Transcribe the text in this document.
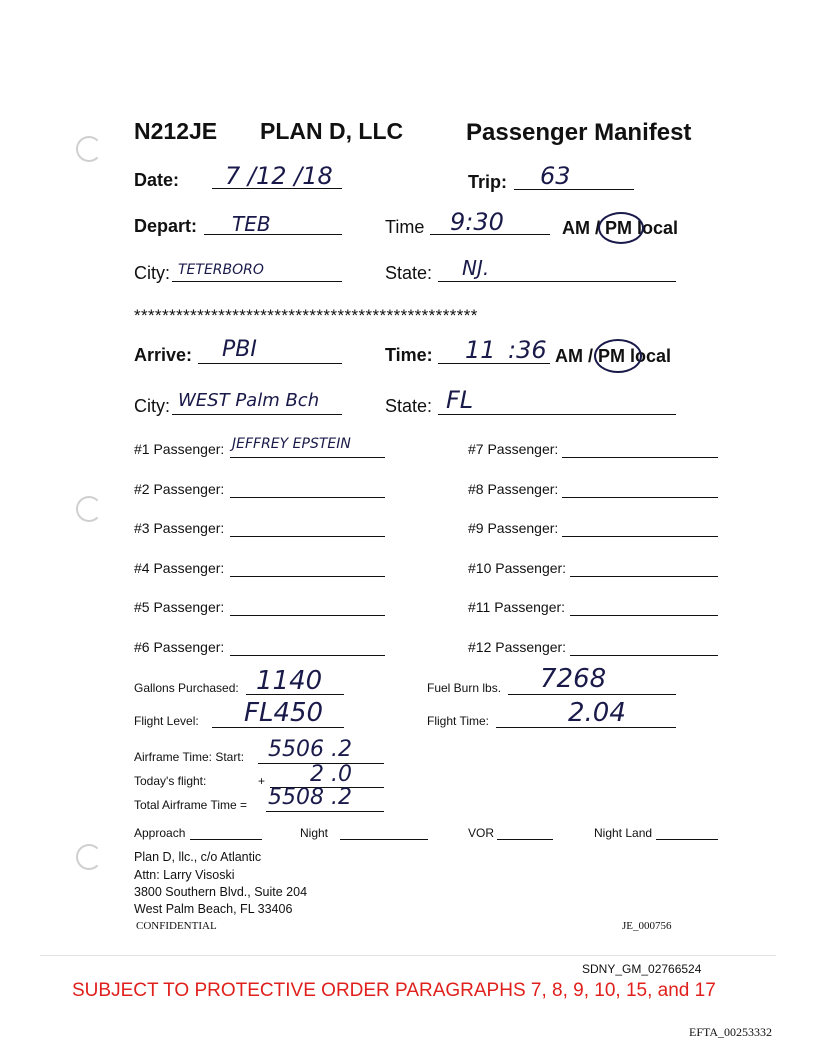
N212JE PLAN D, LLC	Passenger Manifest
Date: 7 /12 /18	Trip: 63
Depart: TEB	Time 9:30	AM / PM local
City: TETERBORO	State: NJ.
*************************************************
Arrive: PBI	Time: 11 :36 AM / PM local
City: WEST Palm Bch	State: FL
#1 Passenger: JEFFREY EPSTEIN
#2 Passenger:
#3 Passenger:
#4 Passenger:
#5 Passenger:
#6 Passenger:
#7 Passenger:
#8 Passenger:
#9 Passenger:
#10 Passenger:
#11 Passenger:
#12 Passenger:
Gallons Purchased: 1140	Fuel Burn lbs. 7268
Flight Level: FL450	Flight Time:	2.04
Airframe Time: Start: 5506 .2
Today's flight:	+ 2 .0
Total Airframe Time = 5508 .2
Approach	Night	VOR	Night Land
Plan D, llc., c/o Atlantic
Attn: Larry Visoski
3800 Southern Blvd., Suite 204
West Palm Beach, FL 33406
CONFIDENTIAL	JE_000756
SDNY_GM_02766524
SUBJECT TO PROTECTIVE ORDER PARAGRAPHS 7, 8, 9, 10, 15, and 17
EFTA_00253332
